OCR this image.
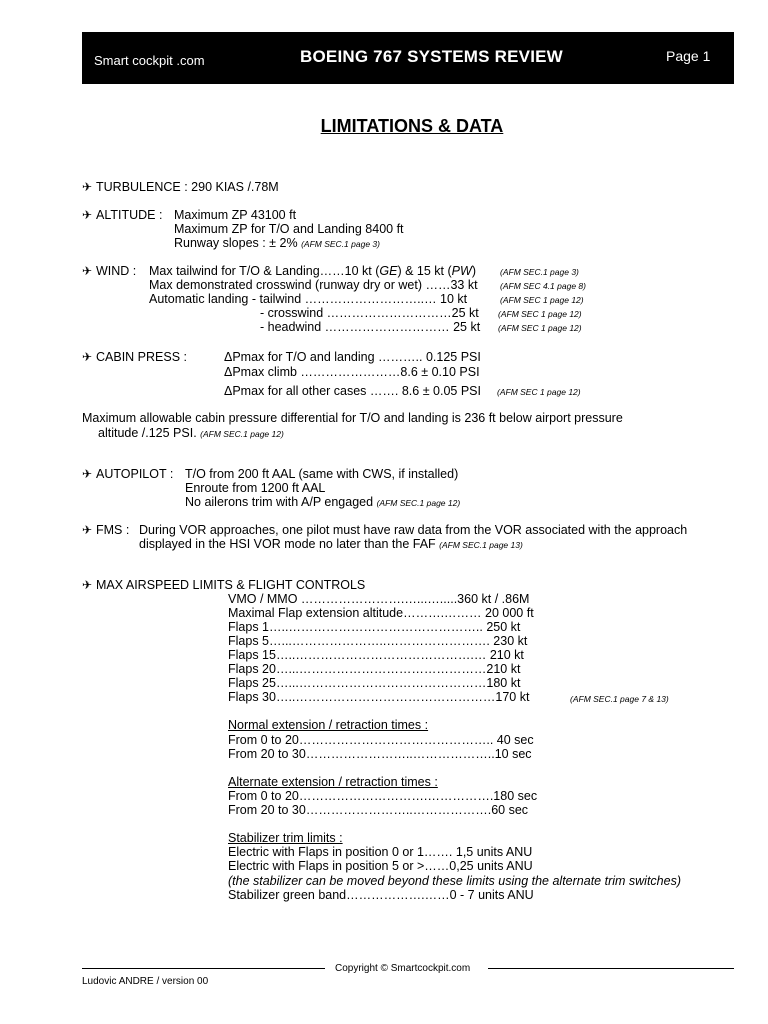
Smart cockpit .com	BOEING 767 SYSTEMS REVIEW	Page 1
LIMITATIONS & DATA
✈ TURBULENCE : 290 KIAS /.78M
✈ ALTITUDE : Maximum ZP 43100 ft
Maximum ZP for T/O and Landing 8400 ft
Runway slopes : ± 2% (AFM SEC.1 page 3)
✈ WIND : Max tailwind for T/O & Landing……10 kt (GE) & 15 kt (PW)	(AFM SEC.1 page 3)
Max demonstrated crosswind (runway dry or wet) ……33 kt	(AFM SEC 4.1 page 8)
Automatic landing - tailwind ………………………..… 10 kt	(AFM SEC 1 page 12)
- crosswind …………………………25 kt (AFM SEC 1 page 12)
- headwind ………………………… 25 kt (AFM SEC 1 page 12)
✈ CABIN PRESS :	ΔPmax for T/O and landing ……….. 0.125 PSI
ΔPmax climb ……………………8.6 ± 0.10 PSI
ΔPmax for all other cases ……. 8.6 ± 0.05 PSI (AFM SEC 1 page 12)
Maximum allowable cabin pressure differential for T/O and landing is 236 ft below airport pressure
altitude /.125 PSI. (AFM SEC.1 page 12)
✈ AUTOPILOT : T/O from 200 ft AAL (same with CWS, if installed)
Enroute from 1200 ft AAL
No ailerons trim with A/P engaged (AFM SEC.1 page 12)
✈ FMS : During VOR approaches, one pilot must have raw data from the VOR associated with the approach
displayed in the HSI VOR mode no later than the FAF (AFM SEC.1 page 13)
✈ MAX AIRSPEED LIMITS & FLIGHT CONTROLS
VMO / MMO …………………….…...….....360 kt / .86M
Maximal Flap extension altitude……….……… 20 000 ft
Flaps 1…..……………………………………….. 250 kt
Flaps 5…...…………………..……………………. 230 kt
Flaps 15…..…………………………………….… 210 kt
Flaps 20…...………………………………………210 kt
Flaps 25…...………………………………………180 kt
Flaps 30…..…………………………………………170 kt	(AFM SEC.1 page 7 & 13)
Normal extension / retraction times :
From 0 to 20……………………………………….. 40 sec
From 20 to 30……………………..………………..10 sec
Alternate extension / retraction times :
From 0 to 20………………………….…………….180 sec
From 20 to 30……………………..……………….60 sec
Stabilizer trim limits :
Electric with Flaps in position 0 or 1……. 1,5 units ANU
Electric with Flaps in position 5 or >……0,25 units ANU
(the stabilizer can be moved beyond these limits using the alternate trim switches)
Stabilizer green band……………….……0 - 7 units ANU
Copyright © Smartcockpit.com
Ludovic ANDRE / version 00
